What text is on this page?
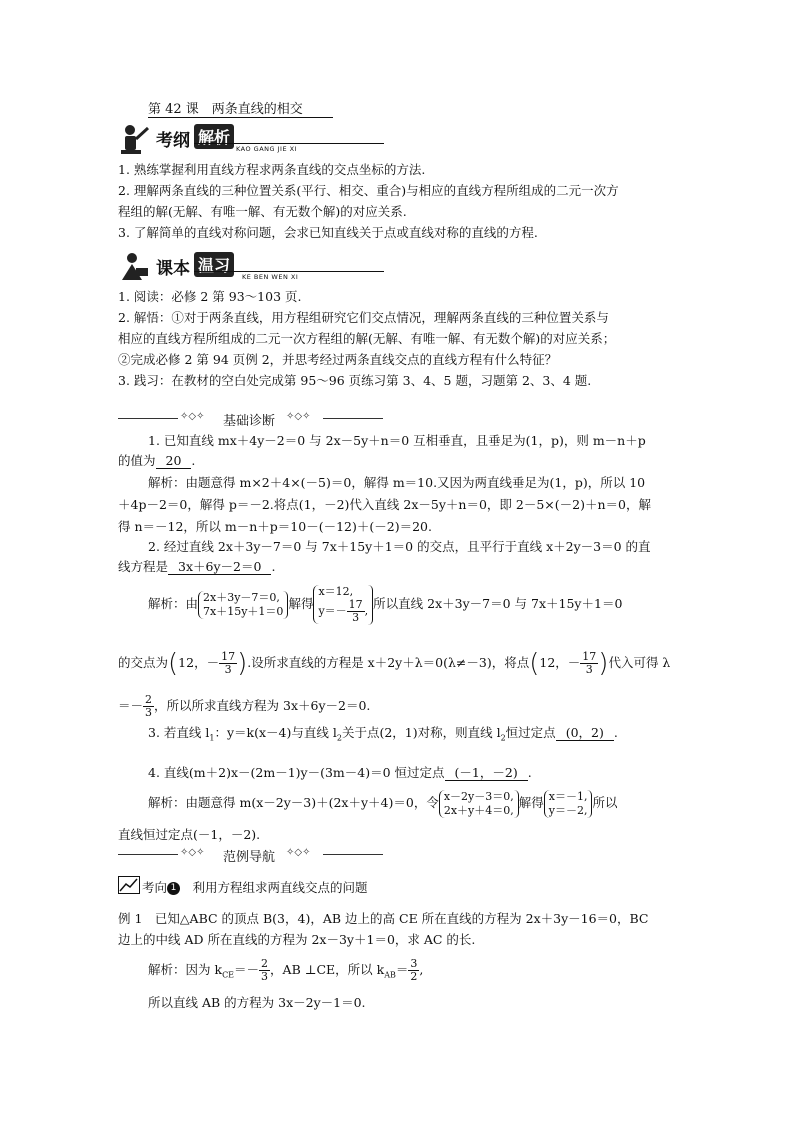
第 42 课　两条直线的相交
考纲 解析
KAO GANG JIE XI
1. 熟练掌握利用直线方程求两条直线的交点坐标的方法.
2. 理解两条直线的三种位置关系(平行、相交、重合)与相应的直线方程所组成的二元一次方
程组的解(无解、有唯一解、有无数个解)的对应关系.
3. 了解简单的直线对称问题，会求已知直线关于点或直线对称的直线的方程.
课本 温习
KE BEN WEN XI
1. 阅读：必修 2 第 93～103 页.
2. 解悟：①对于两条直线，用方程组研究它们交点情况，理解两条直线的三种位置关系与
相应的直线方程所组成的二元一次方程组的解(无解、有唯一解、有无数个解)的对应关系；
②完成必修 2 第 94 页例 2，并思考经过两条直线交点的直线方程有什么特征？
3. 践习：在教材的空白处完成第 95～96 页练习第 3、4、5 题，习题第 2、3、4 题.
✧◇✧ 基础诊断 ✧◇✧
1. 已知直线 mx＋4y－2＝0 与 2x－5y＋n＝0 互相垂直，且垂足为(1，p)，则 m－n＋p
的值为 20 .
解析：由题意得 m×2＋4×(－5)＝0，解得 m＝10.又因为两直线垂足为(1，p)，所以 10
＋4p－2＝0，解得 p＝－2.将点(1，－2)代入直线 2x－5y＋n＝0，即 2－5×(－2)＋n＝0，解
得 n＝－12，所以 m－n＋p＝10－(－12)＋(－2)＝20.
2. 经过直线 2x＋3y－7＝0 与 7x＋15y＋1＝0 的交点，且平行于直线 x＋2y－3＝0 的直
线方程是 3x＋6y－2＝0 .
解析：由 2x＋3y－7＝0,
7x＋15y＋1＝0 解得
x＝12,
$y=- \frac{17}{3}$ , 所以直线 2x＋3y－7＝0 与 7x＋15y＋1＝0
的交点为(12，－ $\frac{17}{3}$ ).设所求直线的方程是 x＋2y＋λ＝0(λ≠－3)，将点(12，－ $\frac{17}{3}$ )代入可得 λ
＝－ $\frac{2}{3}$ ，所以所求直线方程为 3x＋6y－2＝0.
3. 若直线 $l_1$：y＝k(x－4)与直线 $l_2$关于点(2，1)对称，则直线 $l_2$恒过定点 (0，2) .
4. 直线(m＋2)x－(2m－1)y－(3m－4)＝0 恒过定点 (－1，－2) .
解析：由题意得 m(x－2y－3)＋(2x＋y＋4)＝0，令 x－2y－3＝0,
2x＋y＋4＝0, 解得 x＝－1,
y＝－2, 所以
直线恒过定点(－1，－2).
✧◇✧ 范例导航 ✧◇✧
考向 1　 利用方程组求两直线交点的问题
例 1　已知△ABC 的顶点 B(3，4)，AB 边上的高 CE 所在直线的方程为 2x＋3y－16＝0，BC
边上的中线 AD 所在直线的方程为 2x－3y＋1＝0，求 AC 的长.
解析：因为 $k_{CE}=- \frac{2}{3}$ ，AB ⊥CE，所以 $k_{AB}= \frac{3}{2}$ ,
所以直线 AB 的方程为 3x－2y－1＝0.
